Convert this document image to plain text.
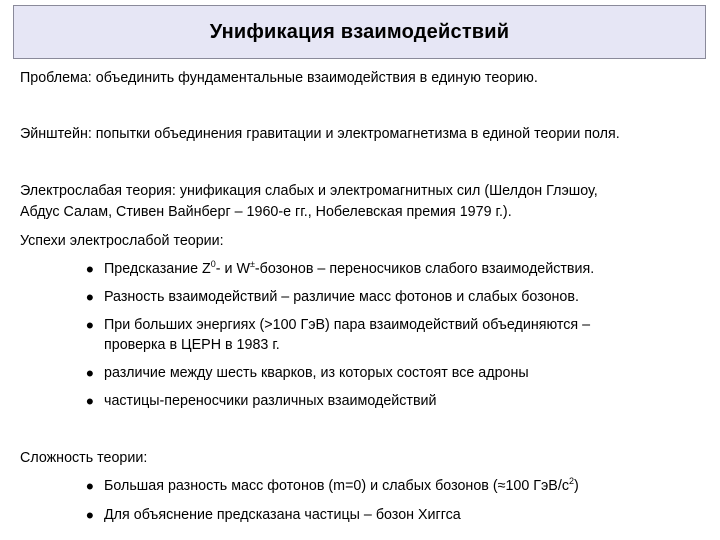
Унификация взаимодействий

Проблема: объединить фундаментальные взаимодействия в единую теорию.

Эйнштейн: попытки объединения гравитации и электромагнетизма в единой теории поля.

Электрослабая теория: унификация слабых и электромагнитных сил (Шелдон Глэшоу,

Абдус Салам, Стивен Вайнберг – 1960-е гг., Нобелевская премия 1979 г.).

Успехи электрослабой теории:

• Предсказание $Z^0-$ и W±-бозонов – переносчиков слабого взаимодействия.
• Разность взаимодействий – различие масс фотонов и слабых бозонов.
• При больших энергиях (>100 ГэВ) пара взаимодействий объединяются –
проверка в ЦЕРН в 1983 г.
• различие между шесть кварков, из которых состоят все адроны
• частицы-переносчики различных взаимодействий

Сложность теории:

• Большая разность масс фотонов (m=0) и слабых бозонов (≈100 ГэВ/$c^2$)
• Для объяснение предсказана частицы – бозон Хиггса
